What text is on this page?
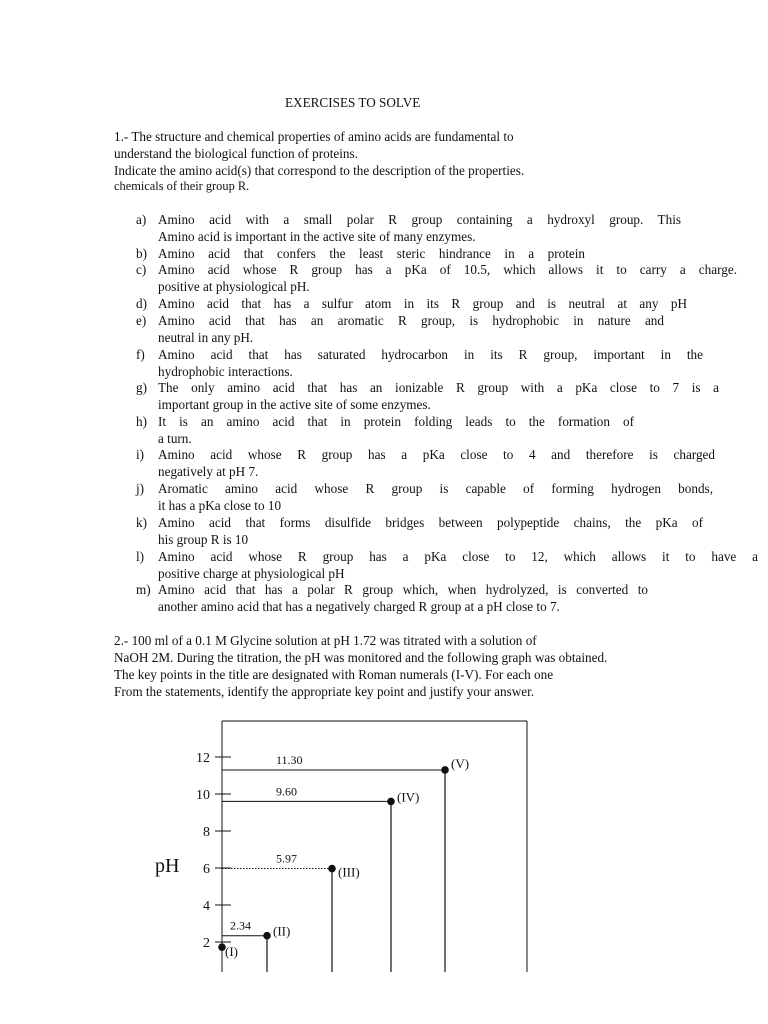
EXERCISES TO SOLVE
1.- The structure and chemical properties of amino acids are fundamental to
understand the biological function of proteins.
Indicate the amino acid(s) that correspond to the description of the properties.
chemicals of their group R.
a) Amino acid with a small polar R group containing a hydroxyl group. This
Amino acid is important in the active site of many enzymes.
b) Amino acid that confers the least steric hindrance in a protein
c) Amino acid whose R group has a pKa of 10.5, which allows it to carry a charge.
positive at physiological pH.
d) Amino acid that has a sulfur atom in its R group and is neutral at any pH
e) Amino acid that has an aromatic R group, is hydrophobic in nature and
neutral in any pH.
f) Amino acid that has saturated hydrocarbon in its R group, important in the
hydrophobic interactions.
g) The only amino acid that has an ionizable R group with a pKa close to 7 is a
important group in the active site of some enzymes.
h) It is an amino acid that in protein folding leads to the formation of
a turn.
i) Amino acid whose R group has a pKa close to 4 and therefore is charged
negatively at pH 7.
j) Aromatic amino acid whose R group is capable of forming hydrogen bonds,
it has a pKa close to 10
k) Amino acid that forms disulfide bridges between polypeptide chains, the pKa of
his group R is 10
l) Amino acid whose R group has a pKa close to 12, which allows it to have a
positive charge at physiological pH
m) Amino acid that has a polar R group which, when hydrolyzed, is converted to
another amino acid that has a negatively charged R group at a pH close to 7.
2.- 100 ml of a 0.1 M Glycine solution at pH 1.72 was titrated with a solution of
NaOH 2M. During the titration, the pH was monitored and the following graph was obtained.
The key points in the title are designated with Roman numerals (I-V). For each one
From the statements, identify the appropriate key point and justify your answer.
2
4
6
8
10
12
pH
(I)
(II)
2.34
(III)
5.97
(IV)
9.60
(V)
11.30
